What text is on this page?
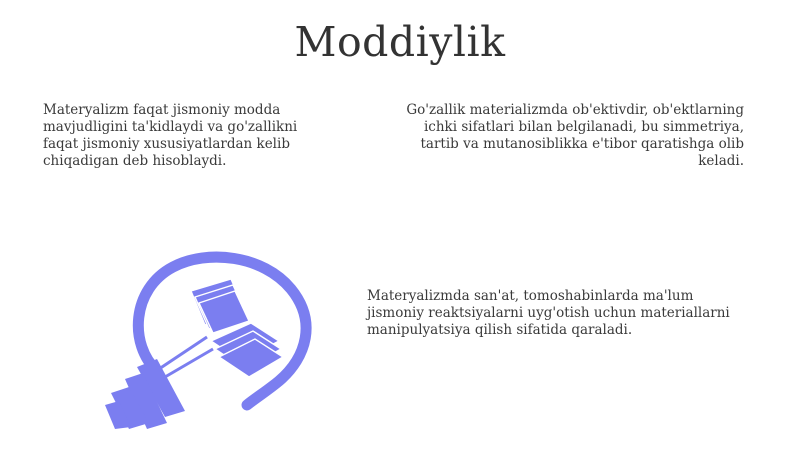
Moddiylik
Materyalizm faqat jismoniy modda mavjudligini ta'kidlaydi va go'zallikni faqat jismoniy xususiyatlardan kelib chiqadigan deb hisoblaydi.
Go'zallik materializmda ob'ektivdir, ob'ektlarning ichki sifatlari bilan belgilanadi, bu simmetriya, tartib va mutanosiblikka e'tibor qaratishga olib keladi.
Materyalizmda san'at, tomoshabinlarda ma'lum jismoniy reaktsiyalarni uyg'otish uchun materiallarni manipulyatsiya qilish sifatida qaraladi.
